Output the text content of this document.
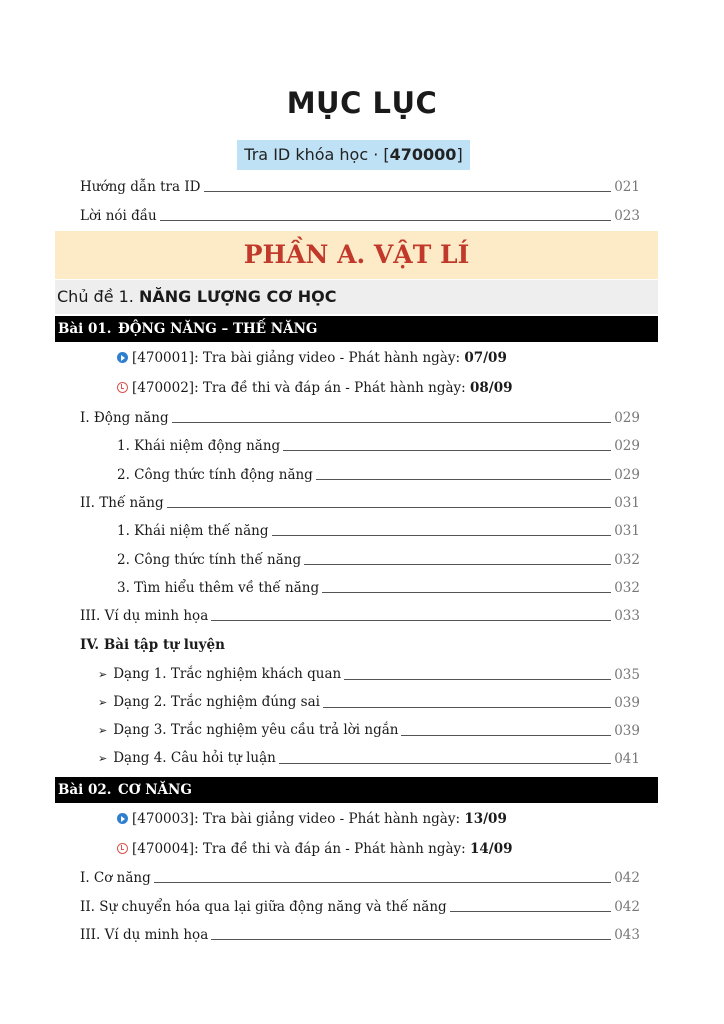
MỤC LỤC
Tra ID khóa học · [470000]
Hướng dẫn tra ID	021
Lời nói đầu	023
PHẦN A. VẬT LÍ
Chủ đề 1. NĂNG LƯỢNG CƠ HỌC
Bài 01. ĐỘNG NĂNG – THẾ NĂNG
[470001]: Tra bài giảng video - Phát hành ngày: 07/09
[470002]: Tra đề thi và đáp án - Phát hành ngày: 08/09
I. Động năng	029
1. Khái niệm động năng	029
2. Công thức tính động năng	029
II. Thế năng	031
1. Khái niệm thế năng	031
2. Công thức tính thế năng	032
3. Tìm hiểu thêm về thế năng	032
III. Ví dụ minh họa	033
IV. Bài tập tự luyện
➢ Dạng 1. Trắc nghiệm khách quan	035
➢ Dạng 2. Trắc nghiệm đúng sai	039
➢ Dạng 3. Trắc nghiệm yêu cầu trả lời ngắn	039
➢ Dạng 4. Câu hỏi tự luận	041
Bài 02. CƠ NĂNG
[470003]: Tra bài giảng video - Phát hành ngày: 13/09
[470004]: Tra đề thi và đáp án - Phát hành ngày: 14/09
I. Cơ năng	042
II. Sự chuyển hóa qua lại giữa động năng và thế năng	042
III. Ví dụ minh họa	043
